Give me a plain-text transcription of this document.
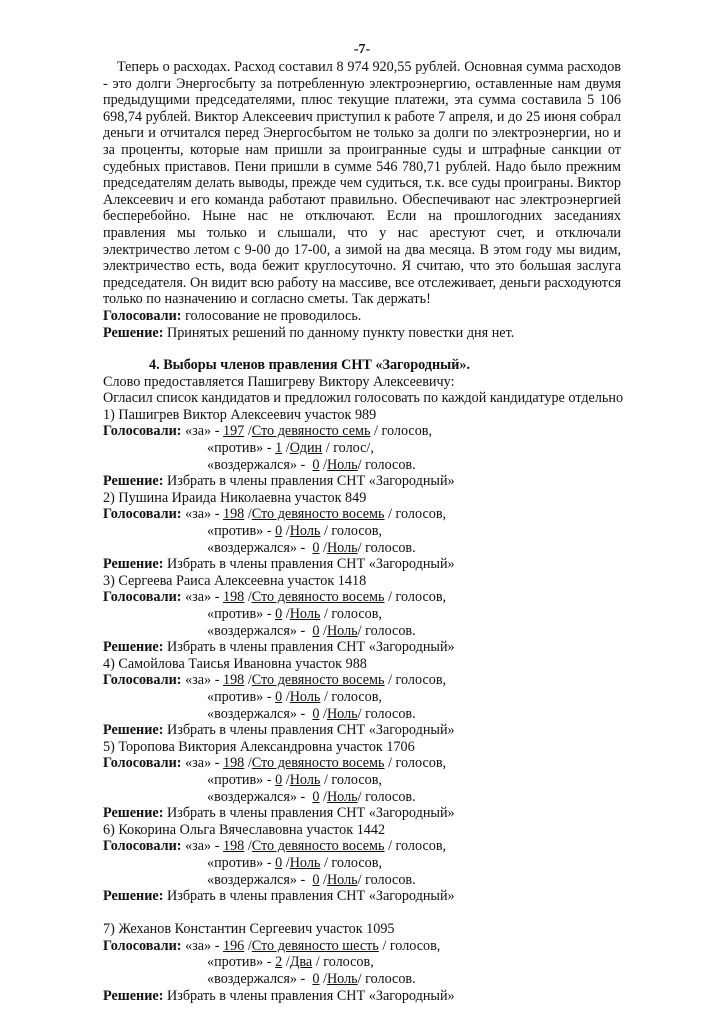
-7-

Теперь о расходах. Расход составил 8 974 920,55 рублей. Основная сумма расходов - это долги Энергосбыту за потребленную электроэнергию, оставленные нам двумя предыдущими председателями, плюс текущие платежи, эта сумма составила 5 106 698,74 рублей. Виктор Алексеевич приступил к работе 7 апреля, и до 25 июня собрал деньги и отчитался перед Энергосбытом не только за долги по электроэнергии, но и за проценты, которые нам пришли за проигранные суды и штрафные санкции от судебных приставов. Пени пришли в сумме 546 780,71 рублей. Надо было прежним председателям делать выводы, прежде чем судиться, т.к. все суды проиграны. Виктор Алексеевич и его команда работают правильно. Обеспечивают нас электроэнергией бесперебойно. Ныне нас не отключают. Если на прошлогодних заседаниях правления мы только и слышали, что у нас арестуют счет, и отключали электричество летом с 9-00 до 17-00, а зимой на два месяца. В этом году мы видим, электричество есть, вода бежит круглосуточно. Я считаю, что это большая заслуга председателя. Он видит всю работу на массиве, все отслеживает, деньги расходуются только по назначению и согласно сметы. Так держать!

Голосовали: голосование не проводилось.
Решение: Принятых решений по данному пункту повестки дня нет.
4. Выборы членов правления СНТ «Загородный».
Слово предоставляется Пашигреву Виктору Алексеевичу:
Огласил список кандидатов и предложил голосовать по каждой кандидатуре отдельно
1) Пашигрев Виктор Алексеевич участок 989
Голосовали: «за» - 197 /Сто девяносто семь / голосов,
«против» - 1 /Один / голос/,
«воздержался» - 0 /Ноль/ голосов.
Решение: Избрать в члены правления СНТ «Загородный»
2) Пушина Ираида Николаевна участок 849
Голосовали: «за» - 198 /Сто девяносто восемь / голосов,
«против» - 0 /Ноль / голосов,
«воздержался» - 0 /Ноль/ голосов.
Решение: Избрать в члены правления СНТ «Загородный»
3) Сергеева Раиса Алексеевна участок 1418
Голосовали: «за» - 198 /Сто девяносто восемь / голосов,
«против» - 0 /Ноль / голосов,
«воздержался» - 0 /Ноль/ голосов.
Решение: Избрать в члены правления СНТ «Загородный»
4) Самойлова Таисья Ивановна участок 988
Голосовали: «за» - 198 /Сто девяносто восемь / голосов,
«против» - 0 /Ноль / голосов,
«воздержался» - 0 /Ноль/ голосов.
Решение: Избрать в члены правления СНТ «Загородный»
5) Торопова Виктория Александровна участок 1706
Голосовали: «за» - 198 /Сто девяносто восемь / голосов,
«против» - 0 /Ноль / голосов,
«воздержался» - 0 /Ноль/ голосов.
Решение: Избрать в члены правления СНТ «Загородный»
6) Кокорина Ольга Вячеславовна участок 1442
Голосовали: «за» - 198 /Сто девяносто восемь / голосов,
«против» - 0 /Ноль / голосов,
«воздержался» - 0 /Ноль/ голосов.
Решение: Избрать в члены правления СНТ «Загородный»
7) Жеханов Константин Сергеевич участок 1095
Голосовали: «за» - 196 /Сто девяносто шесть / голосов,
«против» - 2 /Два / голосов,
«воздержался» - 0 /Ноль/ голосов.
Решение: Избрать в члены правления СНТ «Загородный»
